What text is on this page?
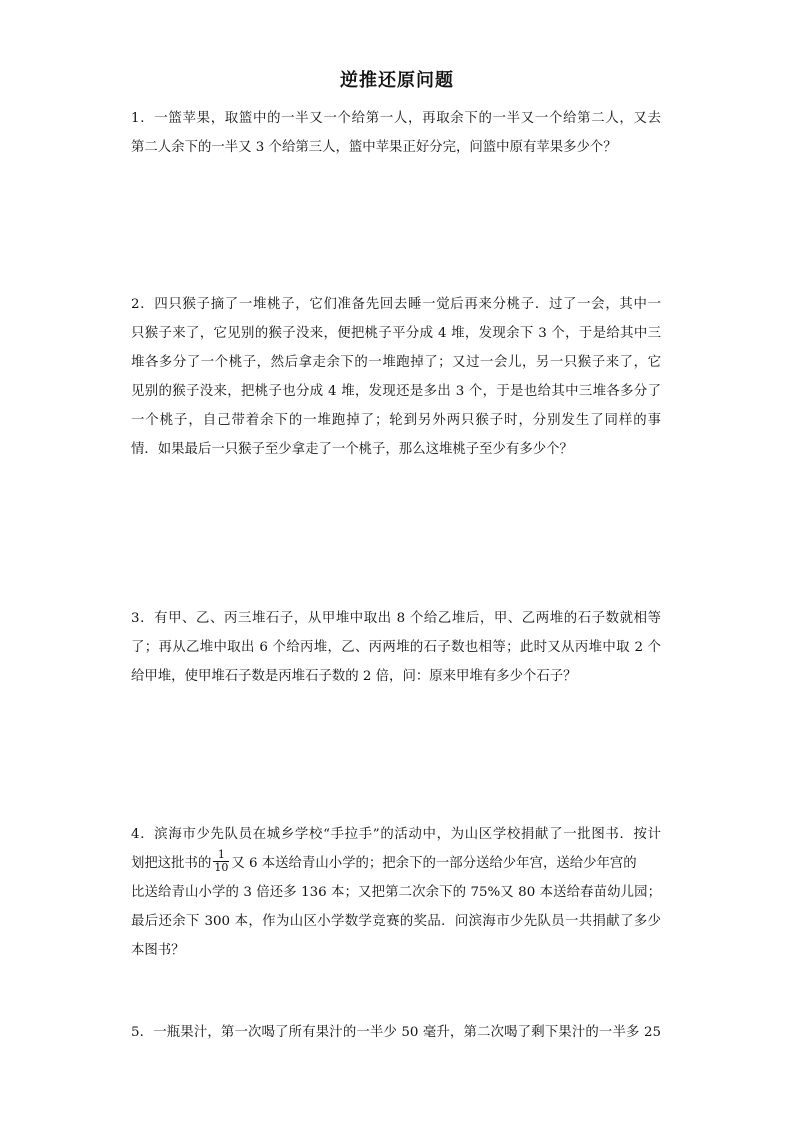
逆推还原问题
1．一篮苹果，取篮中的一半又一个给第一人，再取余下的一半又一个给第二人，又去
第二人余下的一半又 3 个给第三人，篮中苹果正好分完，问篮中原有苹果多少个？
2．四只猴子摘了一堆桃子，它们准备先回去睡一觉后再来分桃子．过了一会，其中一
只猴子来了，它见别的猴子没来，便把桃子平分成 4 堆，发现余下 3 个，于是给其中三
堆各多分了一个桃子，然后拿走余下的一堆跑掉了；又过一会儿，另一只猴子来了，它
见别的猴子没来，把桃子也分成 4 堆，发现还是多出 3 个，于是也给其中三堆各多分了
一个桃子，自己带着余下的一堆跑掉了；轮到另外两只猴子时，分别发生了同样的事
情．如果最后一只猴子至少拿走了一个桃子，那么这堆桃子至少有多少个？
3．有甲、乙、丙三堆石子，从甲堆中取出 8 个给乙堆后，甲、乙两堆的石子数就相等
了；再从乙堆中取出 6 个给丙堆，乙、丙两堆的石子数也相等；此时又从丙堆中取 2 个
给甲堆，使甲堆石子数是丙堆石子数的 2 倍，问：原来甲堆有多少个石子？
4．滨海市少先队员在城乡学校“手拉手”的活动中，为山区学校捐献了一批图书．按计
划把这批书的 $\frac{1}{10}$ 又 6 本送给青山小学的；把余下的一部分送给少年宫，送给少年宫的
比送给青山小学的 3 倍还多 136 本；又把第二次余下的 75%又 80 本送给春苗幼儿园；
最后还余下 300 本，作为山区小学数学竞赛的奖品．问滨海市少先队员一共捐献了多少
本图书？
5．一瓶果汁，第一次喝了所有果汁的一半少 50 毫升，第二次喝了剩下果汁的一半多 25
